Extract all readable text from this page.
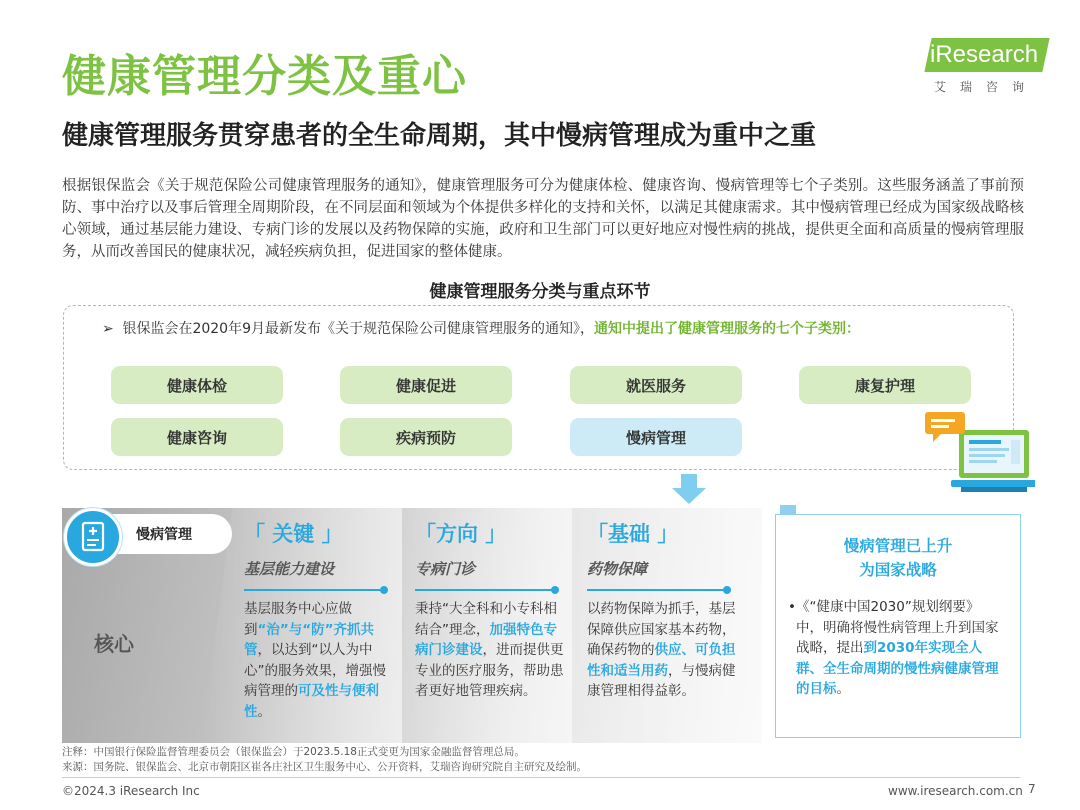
健康管理分类及重心
健康管理服务贯穿患者的全生命周期，其中慢病管理成为重中之重
iResearch
艾瑞咨询
根据银保监会《关于规范保险公司健康管理服务的通知》，健康管理服务可分为健康体检、健康咨询、慢病管理等七个子类别。这些服务涵盖了事前预防、事中治疗以及事后管理全周期阶段，在不同层面和领域为个体提供多样化的支持和关怀，以满足其健康需求。其中慢病管理已经成为国家级战略核心领域，通过基层能力建设、专病门诊的发展以及药物保障的实施，政府和卫生部门可以更好地应对慢性病的挑战，提供更全面和高质量的慢病管理服务，从而改善国民的健康状况，减轻疾病负担，促进国家的整体健康。
健康管理服务分类与重点环节
➢ 银保监会在2020年9月最新发布《关于规范保险公司健康管理服务的通知》，通知中提出了健康管理服务的七个子类别：
健康体检	健康促进	就医服务	康复护理
健康咨询	疾病预防	慢病管理
慢病管理
核心
「 关键 」
基层能力建设
基层服务中心应做到“治”与“防”齐抓共管，以达到“以人为中心”的服务效果，增强慢病管理的可及性与便利性。
「方向 」
专病门诊
秉持“大全科和小专科相结合”理念，加强特色专病门诊建设，进而提供更专业的医疗服务，帮助患者更好地管理疾病。
「基础 」
药物保障
以药物保障为抓手，基层保障供应国家基本药物，确保药物的供应、可负担性和适当用药，与慢病健康管理相得益彰。
慢病管理已上升
为国家战略
• 《“健康中国2030”规划纲要》中，明确将慢性病管理上升到国家战略，提出到2030年实现全人群、全生命周期的慢性病健康管理的目标。
注释：中国银行保险监督管理委员会（银保监会）于2023.5.18正式变更为国家金融监督管理总局。
来源：国务院、银保监会、北京市朝阳区崔各庄社区卫生服务中心、公开资料，艾瑞咨询研究院自主研究及绘制。
©2024.3 iResearch Inc	www.iresearch.com.cn 7
